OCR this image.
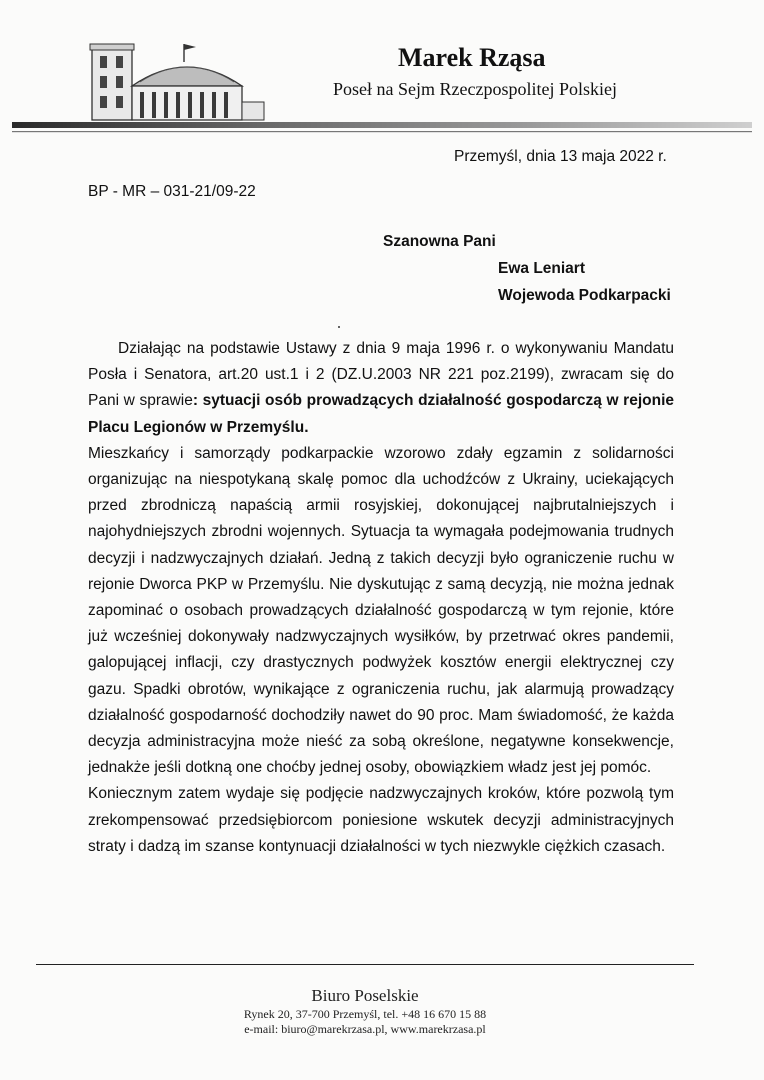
Marek Rząsa
Poseł na Sejm Rzeczpospolitej Polskiej
Przemyśl, dnia 13 maja 2022 r.
BP - MR – 031-21/09-22
Szanowna Pani
Ewa Leniart
Wojewoda Podkarpacki

Działając na podstawie Ustawy z dnia 9 maja 1996 r. o wykonywaniu Mandatu Posła i Senatora, art.20 ust.1 i 2 (DZ.U.2003 NR 221 poz.2199), zwracam się do Pani w sprawie: sytuacji osób prowadzących działalność gospodarczą w rejonie Placu Legionów w Przemyślu.

Mieszkańcy i samorządy podkarpackie wzorowo zdały egzamin z solidarności organizując na niespotykaną skalę pomoc dla uchodźców z Ukrainy, uciekających przed zbrodniczą napaścią armii rosyjskiej, dokonującej najbrutalniejszych i najohydniejszych zbrodni wojennych. Sytuacja ta wymagała podejmowania trudnych decyzji i nadzwyczajnych działań. Jedną z takich decyzji było ograniczenie ruchu w rejonie Dworca PKP w Przemyślu. Nie dyskutując z samą decyzją, nie można jednak zapominać o osobach prowadzących działalność gospodarczą w tym rejonie, które już wcześniej dokonywały nadzwyczajnych wysiłków, by przetrwać okres pandemii, galopującej inflacji, czy drastycznych podwyżek kosztów energii elektrycznej czy gazu. Spadki obrotów, wynikające z ograniczenia ruchu, jak alarmują prowadzący działalność gospodarność dochodziły nawet do 90 proc. Mam świadomość, że każda decyzja administracyjna może nieść za sobą określone, negatywne konsekwencje, jednakże jeśli dotkną one choćby jednej osoby, obowiązkiem władz jest jej pomóc.

Koniecznym zatem wydaje się podjęcie nadzwyczajnych kroków, które pozwolą tym zrekompensować przedsiębiorcom poniesione wskutek decyzji administracyjnych straty i dadzą im szanse kontynuacji działalności w tych niezwykle ciężkich czasach.

Biuro Poselskie
Rynek 20, 37-700 Przemyśl, tel. +48 16 670 15 88
e-mail: biuro@marekrzasa.pl, www.marekrzasa.pl
